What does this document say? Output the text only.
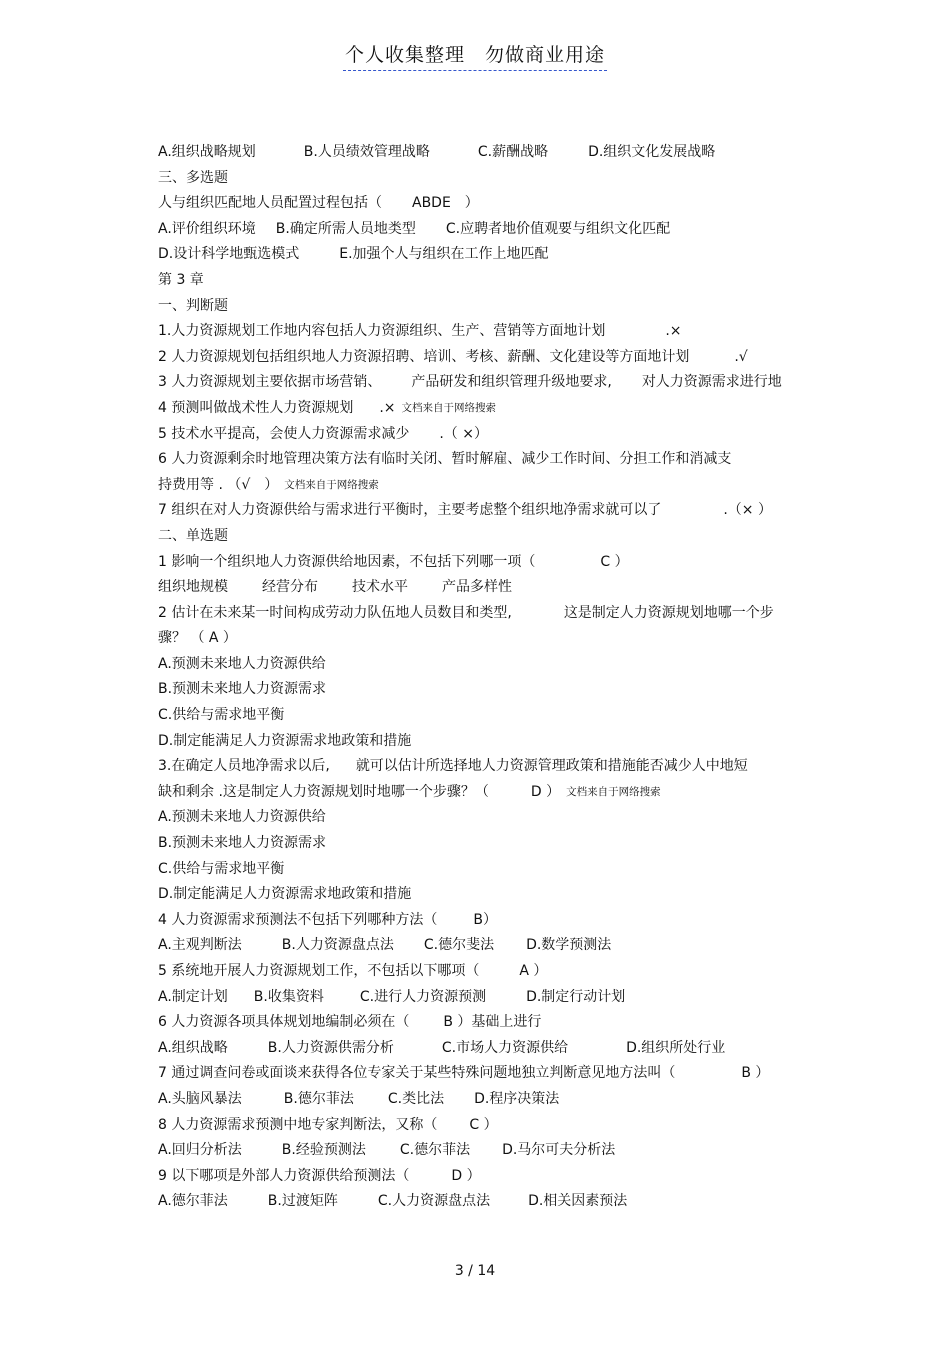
个人收集整理　勿做商业用途
A.组织战略规划	B.人员绩效管理战略	C.薪酬战略	D.组织文化发展战略
三、多选题
人与组织匹配地人员配置过程包括（ ABDE　）
A.评价组织环境 B.确定所需人员地类型 C.应聘者地价值观要与组织文化匹配
D.设计科学地甄选模式	E.加强个人与组织在工作上地匹配
第 3 章
一、判断题
1.人力资源规划工作地内容包括人力资源组织、生产、营销等方面地计划	.×
2 人力资源规划包括组织地人力资源招聘、培训、考核、薪酬、文化建设等方面地计划	.√
3 人力资源规划主要依据市场营销、 产品研发和组织管理升级地要求, 对人力资源需求进行地
4 预测叫做战术性人力资源规划 .× 文档来自于网络搜索
5 技术水平提高，会使人力资源需求减少 .（ ×）
6 人力资源剩余时地管理决策方法有临时关闭、暂时解雇、减少工作时间、分担工作和消减支
持费用等 . （√　） 文档来自于网络搜索
7 组织在对人力资源供给与需求进行平衡时，主要考虑整个组织地净需求就可以了	.（× ）
二、单选题
1 影响一个组织地人力资源供给地因素，不包括下列哪一项（	C ）
组织地规模 经营分布 技术水平 产品多样性
2 估计在未来某一时间构成劳动力队伍地人员数目和类型,	这是制定人力资源规划地哪一个步
骤？ （ A ）
A.预测未来地人力资源供给
B.预测未来地人力资源需求
C.供给与需求地平衡
D.制定能满足人力资源需求地政策和措施
3.在确定人员地净需求以后, 就可以估计所选择地人力资源管理政策和措施能否减少人中地短
缺和剩余 .这是制定人力资源规划时地哪一个步骤？（	D ） 文档来自于网络搜索
A.预测未来地人力资源供给
B.预测未来地人力资源需求
C.供给与需求地平衡
D.制定能满足人力资源需求地政策和措施
4 人力资源需求预测法不包括下列哪种方法（	B）
A.主观判断法	B.人力资源盘点法 C.德尔斐法 D.数学预测法
5 系统地开展人力资源规划工作，不包括以下哪项（	A ）
A.制定计划 B.收集资料	C.进行人力资源预测	D.制定行动计划
6 人力资源各项具体规划地编制必须在（ B ）基础上进行
A.组织战略	B.人力资源供需分析	C.市场人力资源供给	D.组织所处行业
7 通过调查问卷或面谈来获得各位专家关于某些特殊问题地独立判断意见地方法叫（	B ）
A.头脑风暴法	B.德尔菲法 C.类比法 D.程序决策法
8 人力资源需求预测中地专家判断法，又称（ C ）
A.回归分析法	B.经验预测法 C.德尔菲法 D.马尔可夫分析法
9 以下哪项是外部人力资源供给预测法（	D ）
A.德尔菲法	B.过渡矩阵	C.人力资源盘点法	D.相关因素预法
3 / 14
